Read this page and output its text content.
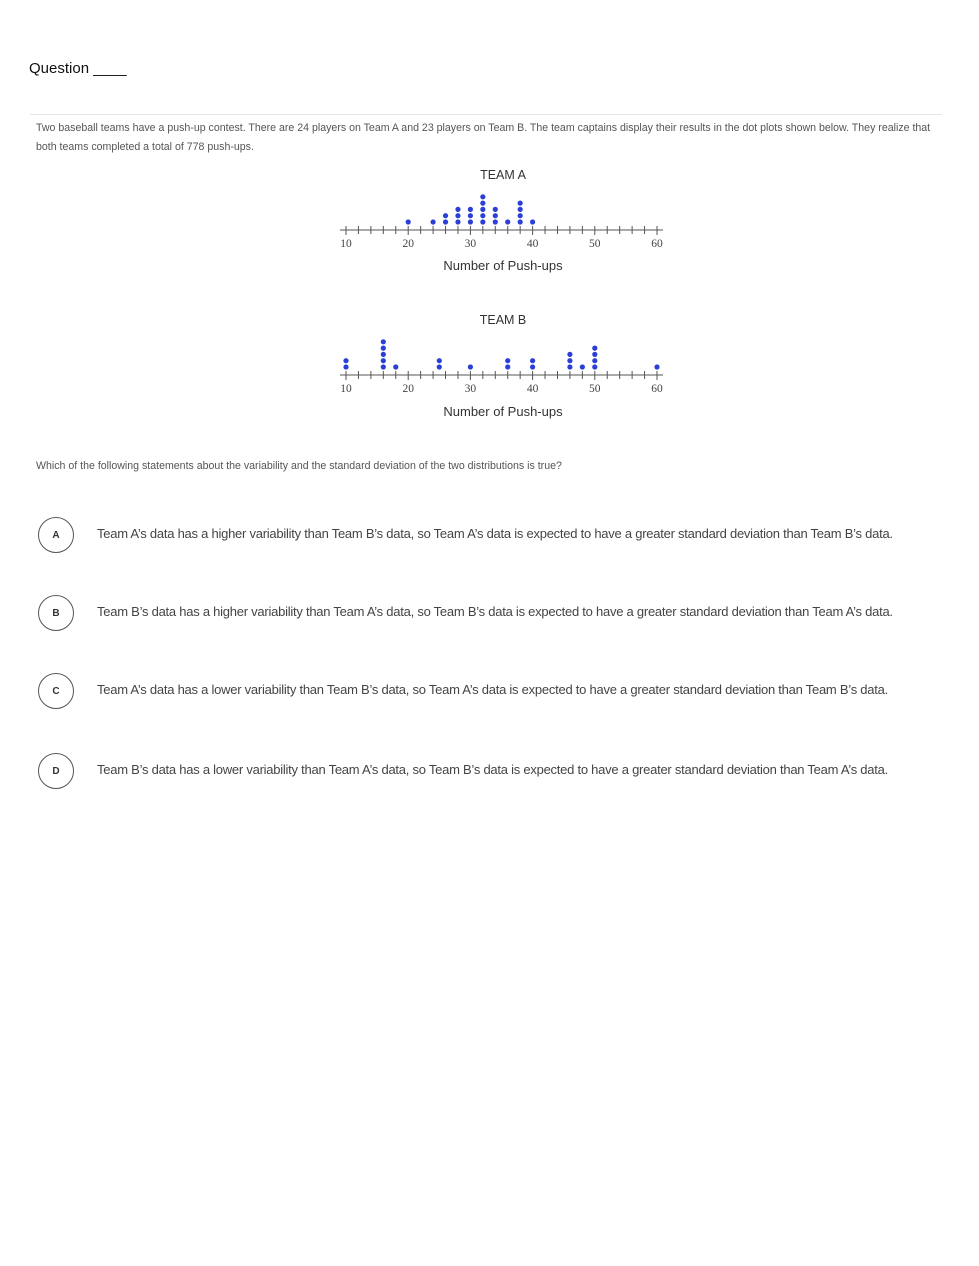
Question ____
Two baseball teams have a push-up contest. There are 24 players on Team A and 23 players on Team B. The team captains display their results in the dot plots shown below. They realize that both teams completed a total of 778 push-ups.
TEAM A
10	20	30	40	50	60
Number of Push-ups
TEAM B
10	20	30	40	50	60
Number of Push-ups
Which of the following statements about the variability and the standard deviation of the two distributions is true?
A	Team A’s data has a higher variability than Team B’s data, so Team A’s data is expected to have a greater standard deviation than Team B’s data.
B	Team B’s data has a higher variability than Team A’s data, so Team B’s data is expected to have a greater standard deviation than Team A’s data.
C	Team A’s data has a lower variability than Team B’s data, so Team A’s data is expected to have a greater standard deviation than Team B’s data.
D	Team B’s data has a lower variability than Team A’s data, so Team B’s data is expected to have a greater standard deviation than Team A’s data.
